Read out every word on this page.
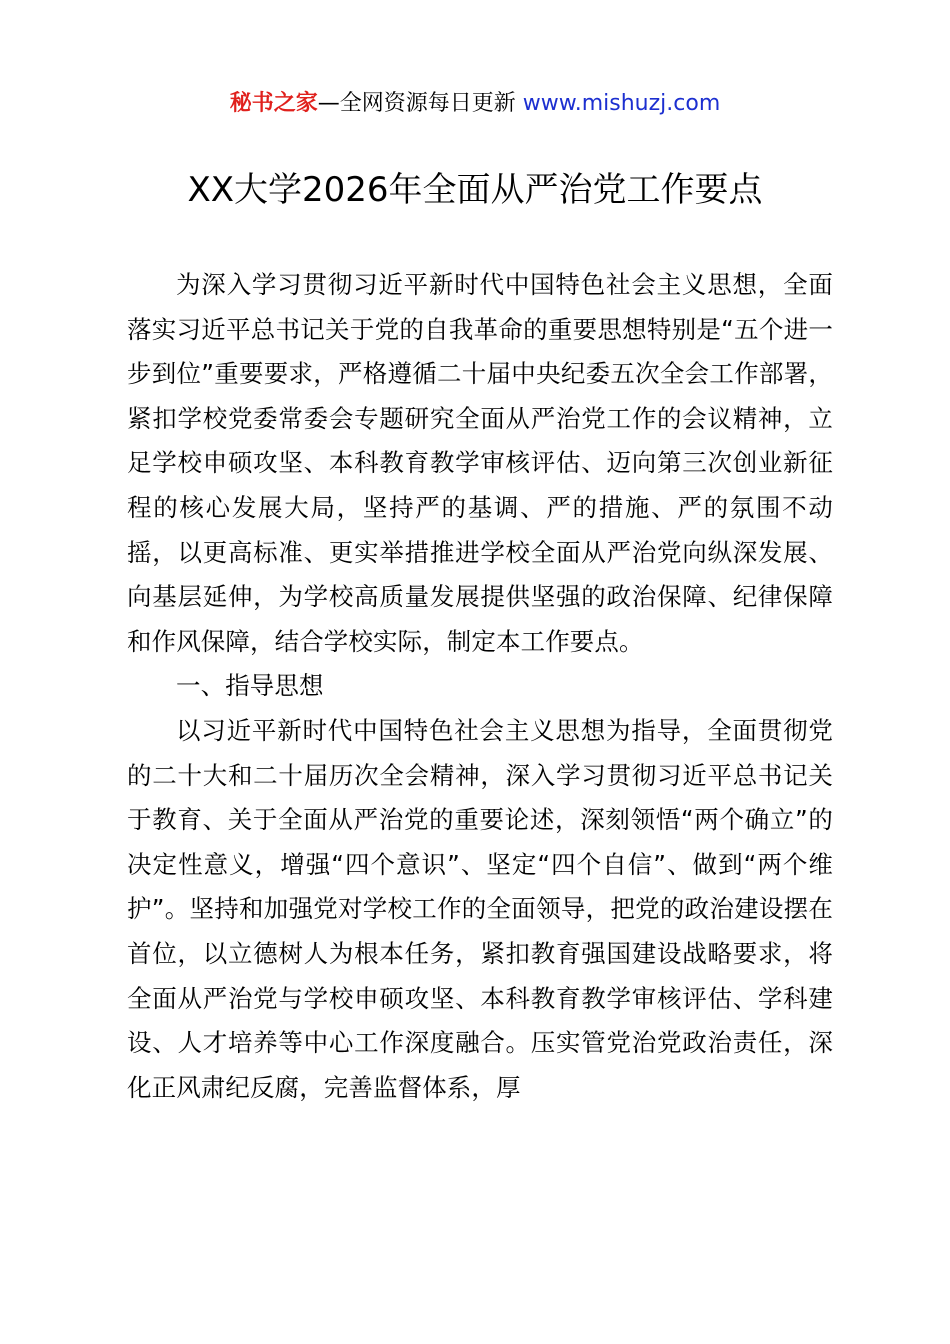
秘书之家—全网资源每日更新 www.mishuzj.com
XX大学2026年全面从严治党工作要点

为深入学习贯彻习近平新时代中国特色社会主义思想，全面落实习近平总书记关于党的自我革命的重要思想特别是“五个进一步到位”重要要求，严格遵循二十届中央纪委五次全会工作部署，紧扣学校党委常委会专题研究全面从严治党工作的会议精神，立足学校申硕攻坚、本科教育教学审核评估、迈向第三次创业新征程的核心发展大局，坚持严的基调、严的措施、严的氛围不动摇，以更高标准、更实举措推进学校全面从严治党向纵深发展、向基层延伸，为学校高质量发展提供坚强的政治保障、纪律保障和作风保障，结合学校实际，制定本工作要点。

一、指导思想

以习近平新时代中国特色社会主义思想为指导，全面贯彻党的二十大和二十届历次全会精神，深入学习贯彻习近平总书记关于教育、关于全面从严治党的重要论述，深刻领悟“两个确立”的决定性意义，增强“四个意识”、坚定“四个自信”、做到“两个维护”。坚持和加强党对学校工作的全面领导，把党的政治建设摆在首位，以立德树人为根本任务，紧扣教育强国建设战略要求，将全面从严治党与学校申硕攻坚、本科教育教学审核评估、学科建设、人才培养等中心工作深度融合。压实管党治党政治责任，深化正风肃纪反腐，完善监督体系，厚
